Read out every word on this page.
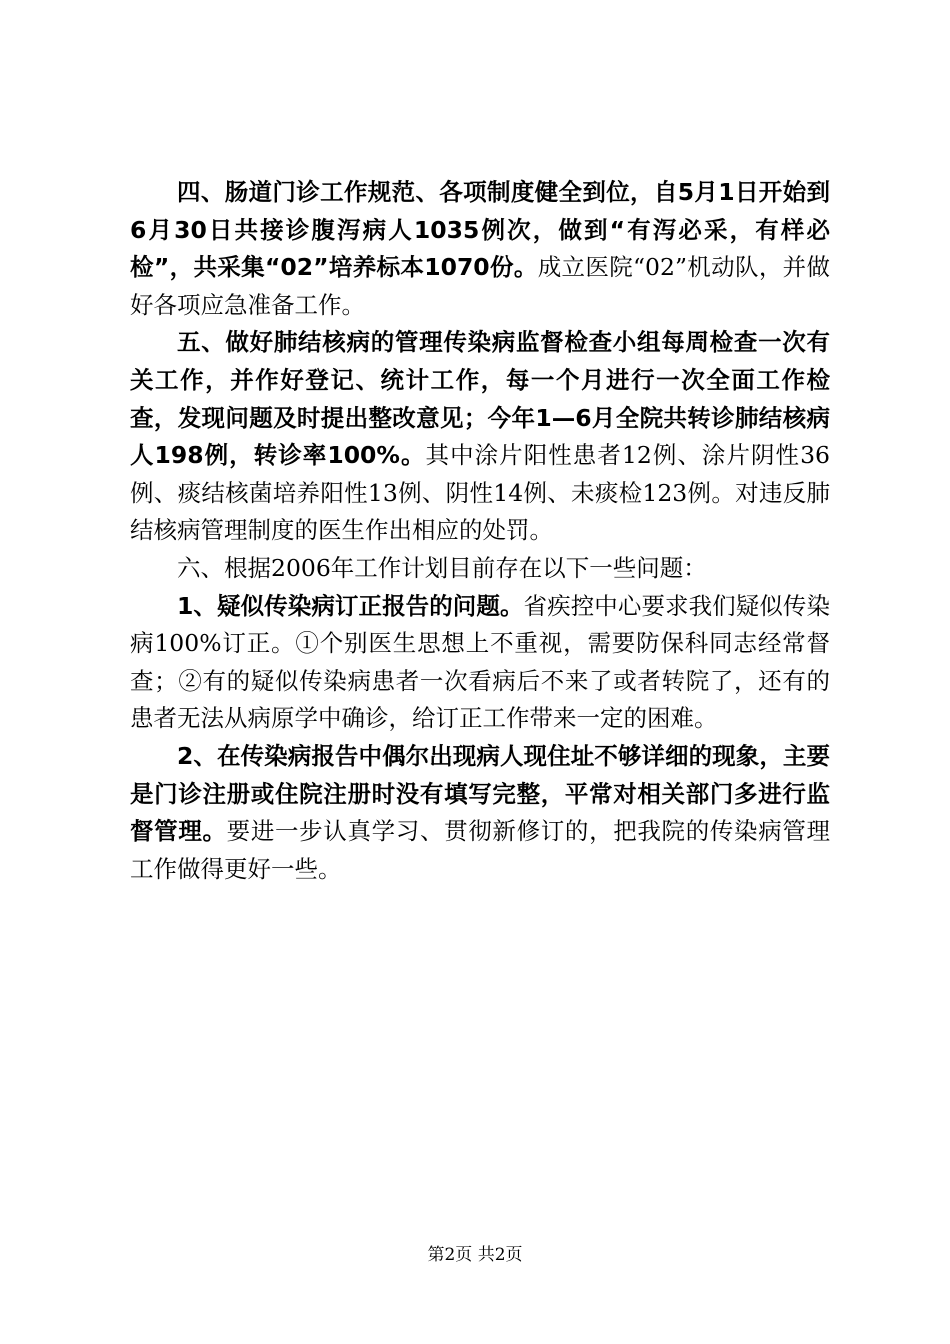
四、肠道门诊工作规范、各项制度健全到位，自5月1日开始到6月30日共接诊腹泻病人1035例次，做到“有泻必采，有样必检”，共采集“02”培养标本1070份。成立医院“02”机动队，并做好各项应急准备工作。

五、做好肺结核病的管理传染病监督检查小组每周检查一次有关工作，并作好登记、统计工作，每一个月进行一次全面工作检查，发现问题及时提出整改意见；今年1—6月全院共转诊肺结核病人198例，转诊率100%。其中涂片阳性患者12例、涂片阴性36例、痰结核菌培养阳性13例、阴性14例、未痰检123例。对违反肺结核病管理制度的医生作出相应的处罚。

六、根据2006年工作计划目前存在以下一些问题：

1、疑似传染病订正报告的问题。省疾控中心要求我们疑似传染病100%订正。①个别医生思想上不重视，需要防保科同志经常督查；②有的疑似传染病患者一次看病后不来了或者转院了，还有的患者无法从病原学中确诊，给订正工作带来一定的困难。

2、在传染病报告中偶尔出现病人现住址不够详细的现象，主要是门诊注册或住院注册时没有填写完整，平常对相关部门多进行监督管理。要进一步认真学习、贯彻新修订的，把我院的传染病管理工作做得更好一些。

第2页 共2页
